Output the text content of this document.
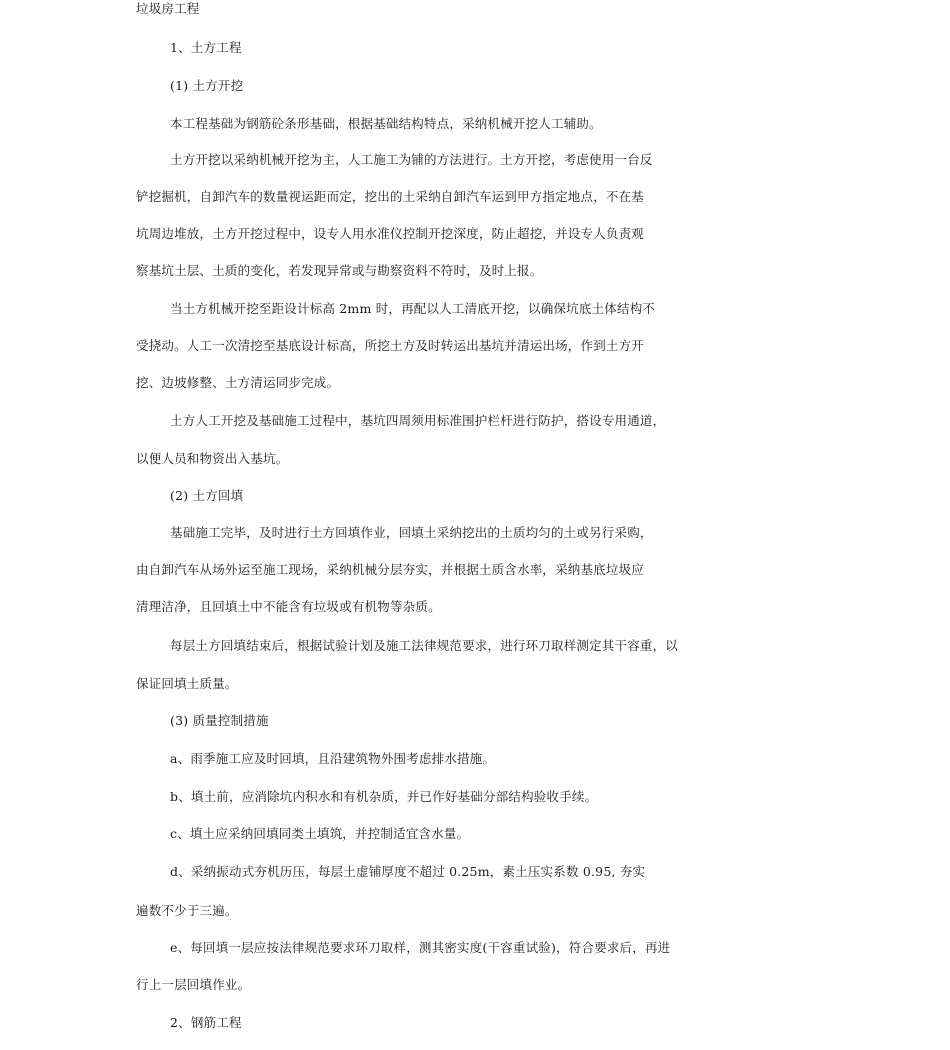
垃圾房工程
1、土方工程
(1) 土方开挖
本工程基础为钢筋砼条形基础，根据基础结构特点，采纳机械开挖人工辅助。
土方开挖以采纳机械开挖为主，人工施工为铺的方法进行。土方开挖，考虑使用一台反
铲挖掘机，自卸汽车的数量视运距而定，挖出的土采纳自卸汽车运到甲方指定地点，不在基
坑周边堆放，土方开挖过程中，设专人用水准仪控制开挖深度，防止超挖，并设专人负责观
察基坑土层、土质的变化，若发现异常或与勘察资料不符时，及时上报。
当土方机械开挖至距设计标高 2mm 时，再配以人工清底开挖，以确保坑底土体结构不
受挠动。人工一次清挖至基底设计标高，所挖土方及时转运出基坑并清运出场，作到土方开
挖、边坡修整、土方清运同步完成。
土方人工开挖及基础施工过程中，基坑四周须用标准围护栏杆进行防护，搭设专用通道，
以便人员和物资出入基坑。
(2) 土方回填
基础施工完毕，及时进行土方回填作业，回填土采纳挖出的土质均匀的土或另行采购，
由自卸汽车从场外运至施工现场，采纳机械分层夯实，并根据土质含水率，采纳基底垃圾应
清理洁净，且回填土中不能含有垃圾或有机物等杂质。
每层土方回填结束后，根据试验计划及施工法律规范要求，进行环刀取样测定其干容重，以
保证回填土质量。
(3) 质量控制措施
a、雨季施工应及时回填，且沿建筑物外围考虑排水措施。
b、填土前，应消除坑内积水和有机杂质，并已作好基础分部结构验收手续。
c、填土应采纳回填同类土填筑，并控制适宜含水量。
d、采纳振动式夯机历压，每层土虚铺厚度不超过 0.25m，素土压实系数 0.95, 夯实
遍数不少于三遍。
e、每回填一层应按法律规范要求环刀取样，测其密实度(干容重试验)，符合要求后，再进
行上一层回填作业。
2、钢筋工程
